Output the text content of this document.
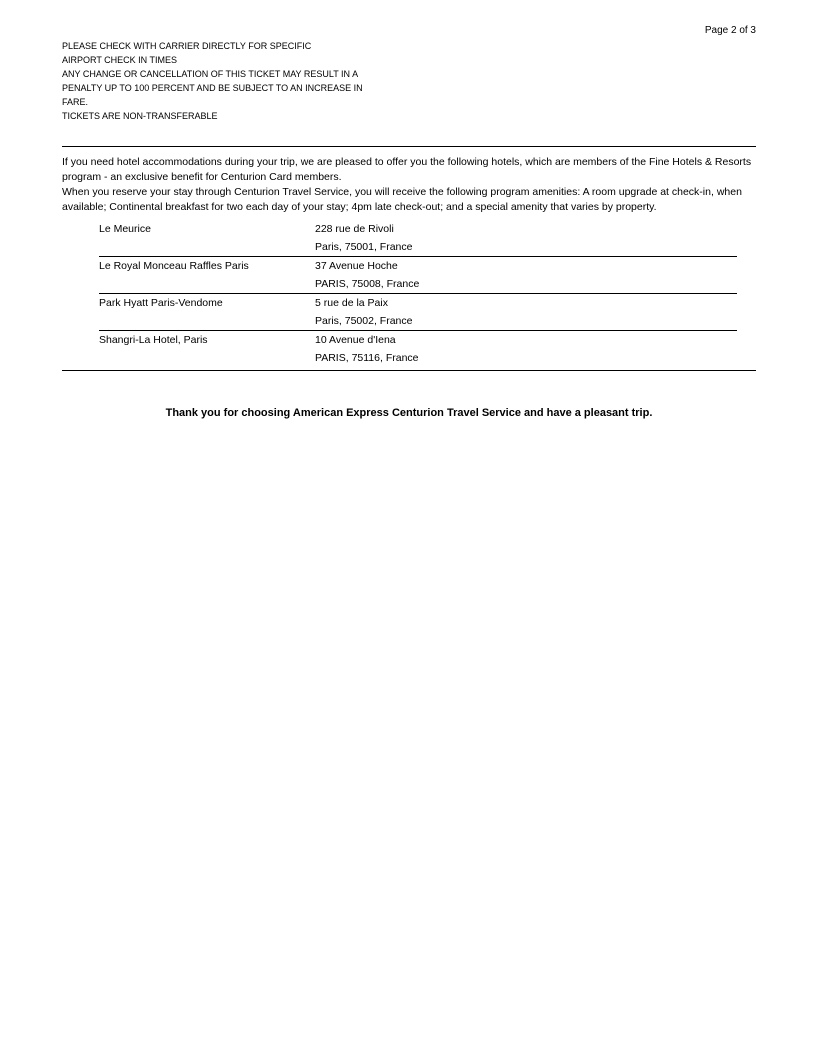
Page 2 of 3
PLEASE CHECK WITH CARRIER DIRECTLY FOR SPECIFIC
AIRPORT CHECK IN TIMES
ANY CHANGE OR CANCELLATION OF THIS TICKET MAY RESULT IN A
PENALTY UP TO 100 PERCENT AND BE SUBJECT TO AN INCREASE IN
FARE.
TICKETS ARE NON-TRANSFERABLE

If you need hotel accommodations during your trip, we are pleased to offer you the following hotels, which are members of the Fine Hotels & Resorts program - an exclusive benefit for Centurion Card members.

When you reserve your stay through Centurion Travel Service, you will receive the following program amenities: A room upgrade at check-in, when available; Continental breakfast for two each day of your stay; 4pm late check-out; and a special amenity that varies by property.

Le Meurice	228 rue de Rivoli
Paris, 75001, France

Le Royal Monceau Raffles Paris	37 Avenue Hoche
PARIS, 75008, France

Park Hyatt Paris-Vendome	5 rue de la Paix
Paris, 75002, France

Shangri-La Hotel, Paris	10 Avenue d'Iena
PARIS, 75116, France
Thank you for choosing American Express Centurion Travel Service and have a pleasant trip.
